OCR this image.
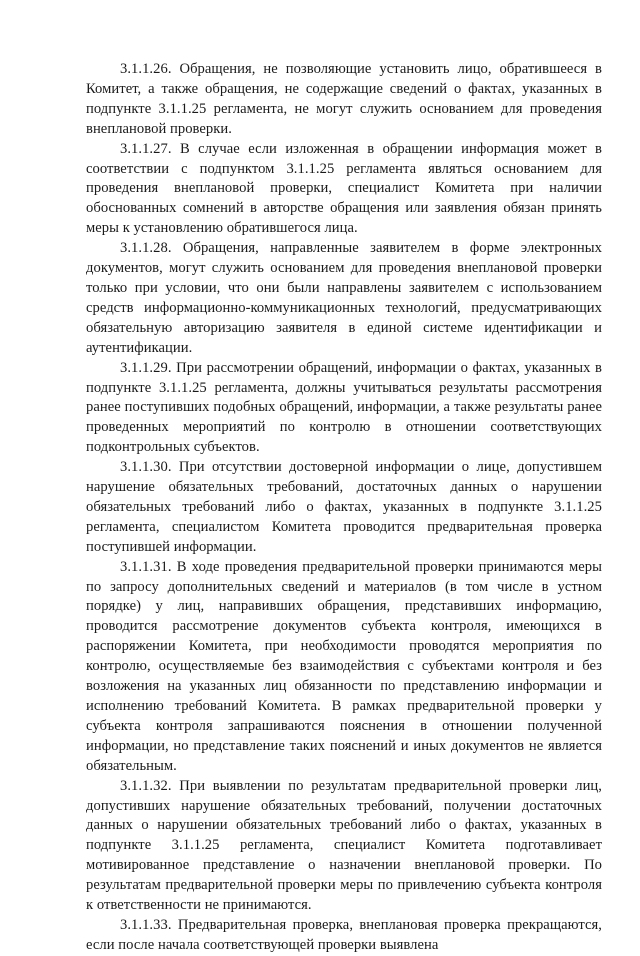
3.1.1.26. Обращения, не позволяющие установить лицо, обратившееся в Комитет, а также обращения, не содержащие сведений о фактах, указанных в подпункте 3.1.1.25 регламента, не могут служить основанием для проведения внеплановой проверки.

3.1.1.27. В случае если изложенная в обращении информация может в соответствии с подпунктом 3.1.1.25 регламента являться основанием для проведения внеплановой проверки, специалист Комитета при наличии обоснованных сомнений в авторстве обращения или заявления обязан принять меры к установлению обратившегося лица.

3.1.1.28. Обращения, направленные заявителем в форме электронных документов, могут служить основанием для проведения внеплановой проверки только при условии, что они были направлены заявителем с использованием средств информационно-коммуникационных технологий, предусматривающих обязательную авторизацию заявителя в единой системе идентификации и аутентификации.

3.1.1.29. При рассмотрении обращений, информации о фактах, указанных в подпункте 3.1.1.25 регламента, должны учитываться результаты рассмотрения ранее поступивших подобных обращений, информации, а также результаты ранее проведенных мероприятий по контролю в отношении соответствующих подконтрольных субъектов.

3.1.1.30. При отсутствии достоверной информации о лице, допустившем нарушение обязательных требований, достаточных данных о нарушении обязательных требований либо о фактах, указанных в подпункте 3.1.1.25 регламента, специалистом Комитета проводится предварительная проверка поступившей информации.

3.1.1.31. В ходе проведения предварительной проверки принимаются меры по запросу дополнительных сведений и материалов (в том числе в устном порядке) у лиц, направивших обращения, представивших информацию, проводится рассмотрение документов субъекта контроля, имеющихся в распоряжении Комитета, при необходимости проводятся мероприятия по контролю, осуществляемые без взаимодействия с субъектами контроля и без возложения на указанных лиц обязанности по представлению информации и исполнению требований Комитета. В рамках предварительной проверки у субъекта контроля запрашиваются пояснения в отношении полученной информации, но представление таких пояснений и иных документов не является обязательным.

3.1.1.32. При выявлении по результатам предварительной проверки лиц, допустивших нарушение обязательных требований, получении достаточных данных о нарушении обязательных требований либо о фактах, указанных в подпункте 3.1.1.25 регламента, специалист Комитета подготавливает мотивированное представление о назначении внеплановой проверки. По результатам предварительной проверки меры по привлечению субъекта контроля к ответственности не принимаются.

3.1.1.33. Предварительная проверка, внеплановая проверка прекращаются, если после начала соответствующей проверки выявлена
